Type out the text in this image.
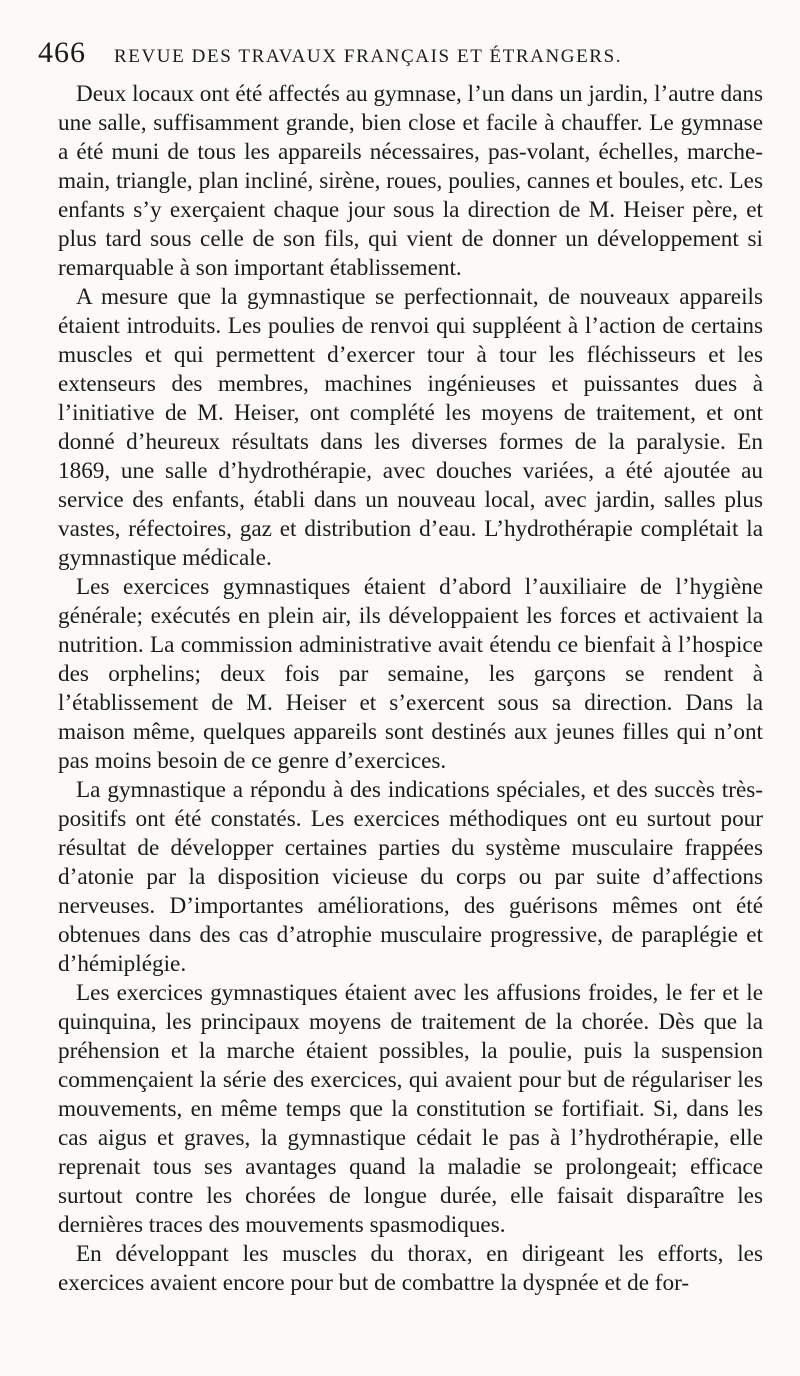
466 REVUE DES TRAVAUX FRANÇAIS ET ÉTRANGERS.

Deux locaux ont été affectés au gymnase, l’un dans un jardin, l’autre dans une salle, suffisamment grande, bien close et facile à chauffer. Le gymnase a été muni de tous les appareils nécessaires, pas-volant, échelles, marche-main, triangle, plan incliné, sirène, roues, poulies, cannes et boules, etc. Les enfants s’y exerçaient chaque jour sous la direction de M. Heiser père, et plus tard sous celle de son fils, qui vient de donner un développement si remarquable à son important établissement.

A mesure que la gymnastique se perfectionnait, de nouveaux appareils étaient introduits. Les poulies de renvoi qui suppléent à l’action de certains muscles et qui permettent d’exercer tour à tour les fléchisseurs et les extenseurs des membres, machines ingénieuses et puissantes dues à l’initiative de M. Heiser, ont complété les moyens de traitement, et ont donné d’heureux résultats dans les diverses formes de la paralysie. En 1869, une salle d’hydrothérapie, avec douches variées, a été ajoutée au service des enfants, établi dans un nouveau local, avec jardin, salles plus vastes, réfectoires, gaz et distribution d’eau. L’hydrothérapie complétait la gymnastique médicale.

Les exercices gymnastiques étaient d’abord l’auxiliaire de l’hygiène générale; exécutés en plein air, ils développaient les forces et activaient la nutrition. La commission administrative avait étendu ce bienfait à l’hospice des orphelins; deux fois par semaine, les garçons se rendent à l’établissement de M. Heiser et s’exercent sous sa direction. Dans la maison même, quelques appareils sont destinés aux jeunes filles qui n’ont pas moins besoin de ce genre d’exercices.

La gymnastique a répondu à des indications spéciales, et des succès très-positifs ont été constatés. Les exercices méthodiques ont eu surtout pour résultat de développer certaines parties du système musculaire frappées d’atonie par la disposition vicieuse du corps ou par suite d’affections nerveuses. D’importantes améliorations, des guérisons mêmes ont été obtenues dans des cas d’atrophie musculaire progressive, de paraplégie et d’hémiplégie.

Les exercices gymnastiques étaient avec les affusions froides, le fer et le quinquina, les principaux moyens de traitement de la chorée. Dès que la préhension et la marche étaient possibles, la poulie, puis la suspension commençaient la série des exercices, qui avaient pour but de régulariser les mouvements, en même temps que la constitution se fortifiait. Si, dans les cas aigus et graves, la gymnastique cédait le pas à l’hydrothérapie, elle reprenait tous ses avantages quand la maladie se prolongeait; efficace surtout contre les chorées de longue durée, elle faisait disparaître les dernières traces des mouvements spasmodiques.

En développant les muscles du thorax, en dirigeant les efforts, les exercices avaient encore pour but de combattre la dyspnée et de for-
